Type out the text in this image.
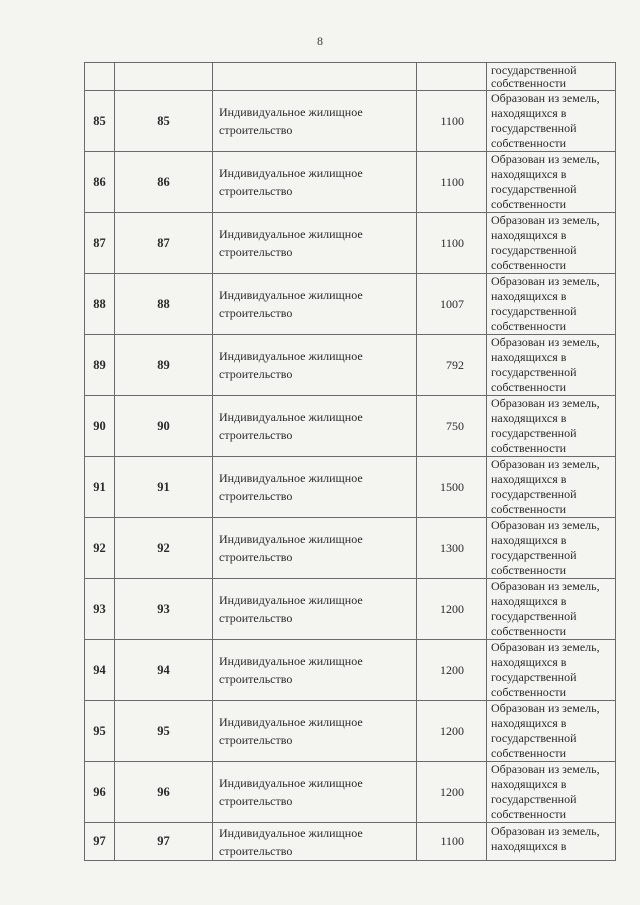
8

				государственной
собственности

85	85	Индивидуальное жилищное
строительство	1100	Образован из земель,
находящихся в
государственной
собственности

86	86	Индивидуальное жилищное
строительство	1100	Образован из земель,
находящихся в
государственной
собственности

87	87	Индивидуальное жилищное
строительство	1100	Образован из земель,
находящихся в
государственной
собственности

88	88	Индивидуальное жилищное
строительство	1007	Образован из земель,
находящихся в
государственной
собственности

89	89	Индивидуальное жилищное
строительство	792	Образован из земель,
находящихся в
государственной
собственности

90	90	Индивидуальное жилищное
строительство	750	Образован из земель,
находящихся в
государственной
собственности

91	91	Индивидуальное жилищное
строительство	1500	Образован из земель,
находящихся в
государственной
собственности

92	92	Индивидуальное жилищное
строительство	1300	Образован из земель,
находящихся в
государственной
собственности

93	93	Индивидуальное жилищное
строительство	1200	Образован из земель,
находящихся в
государственной
собственности

94	94	Индивидуальное жилищное
строительство	1200	Образован из земель,
находящихся в
государственной
собственности

95	95	Индивидуальное жилищное
строительство	1200	Образован из земель,
находящихся в
государственной
собственности

96	96	Индивидуальное жилищное
строительство	1200	Образован из земель,
находящихся в
государственной
собственности

97	97	Индивидуальное жилищное
строительство	1100	Образован из земель,
находящихся в
